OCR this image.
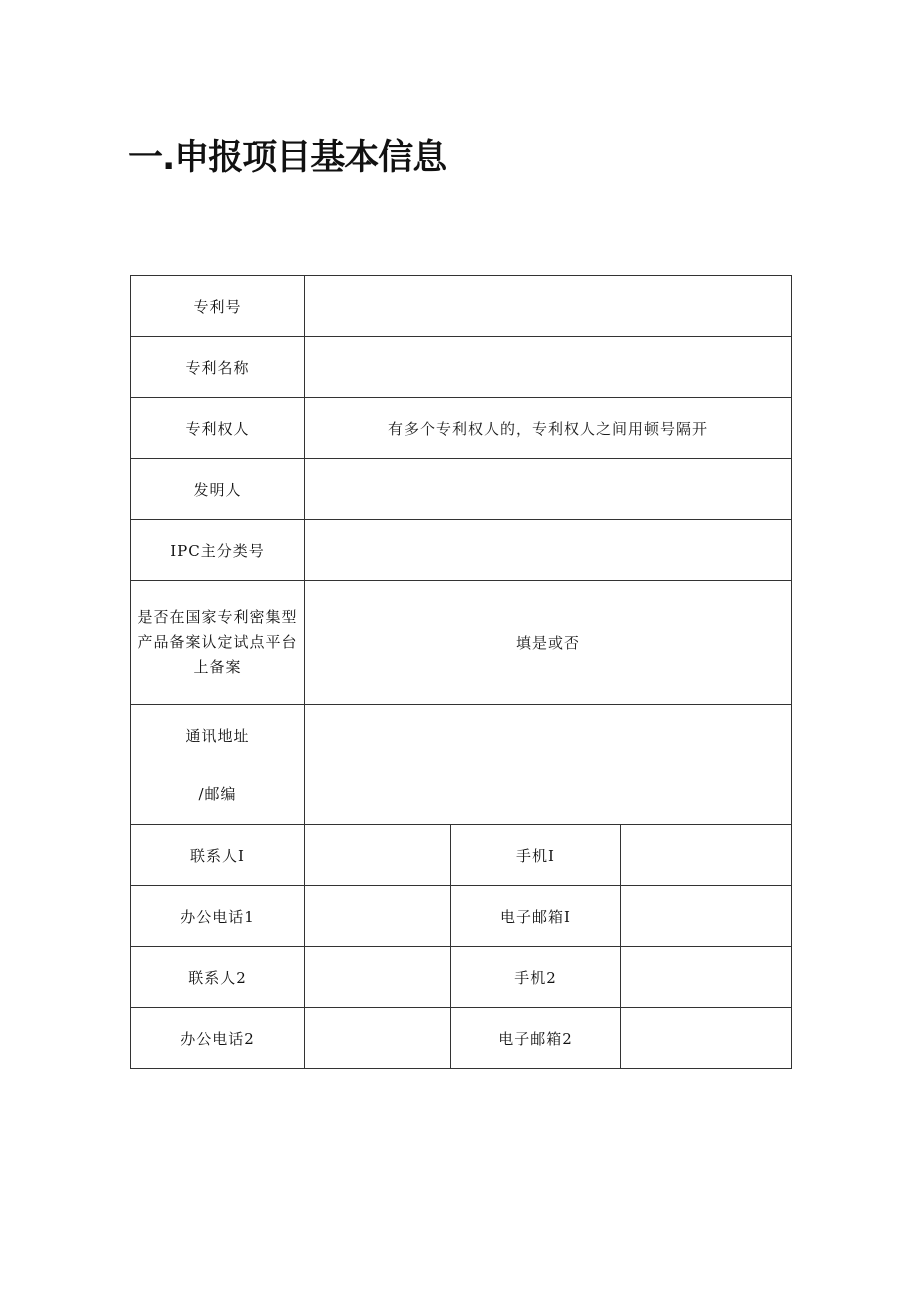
一.申报项目基本信息
专利号			
专利名称			
专利权人	有多个专利权人的，专利权人之间用顿号隔开		
发明人			
IPC主分类号			

是否在国家专利密集型
产品备案认定试点平台
上备案	填是或否		

通讯地址
/邮编			

联系人I		手机I	
办公电话1		电子邮箱I	
联系人2		手机2	
办公电话2		电子邮箱2	
